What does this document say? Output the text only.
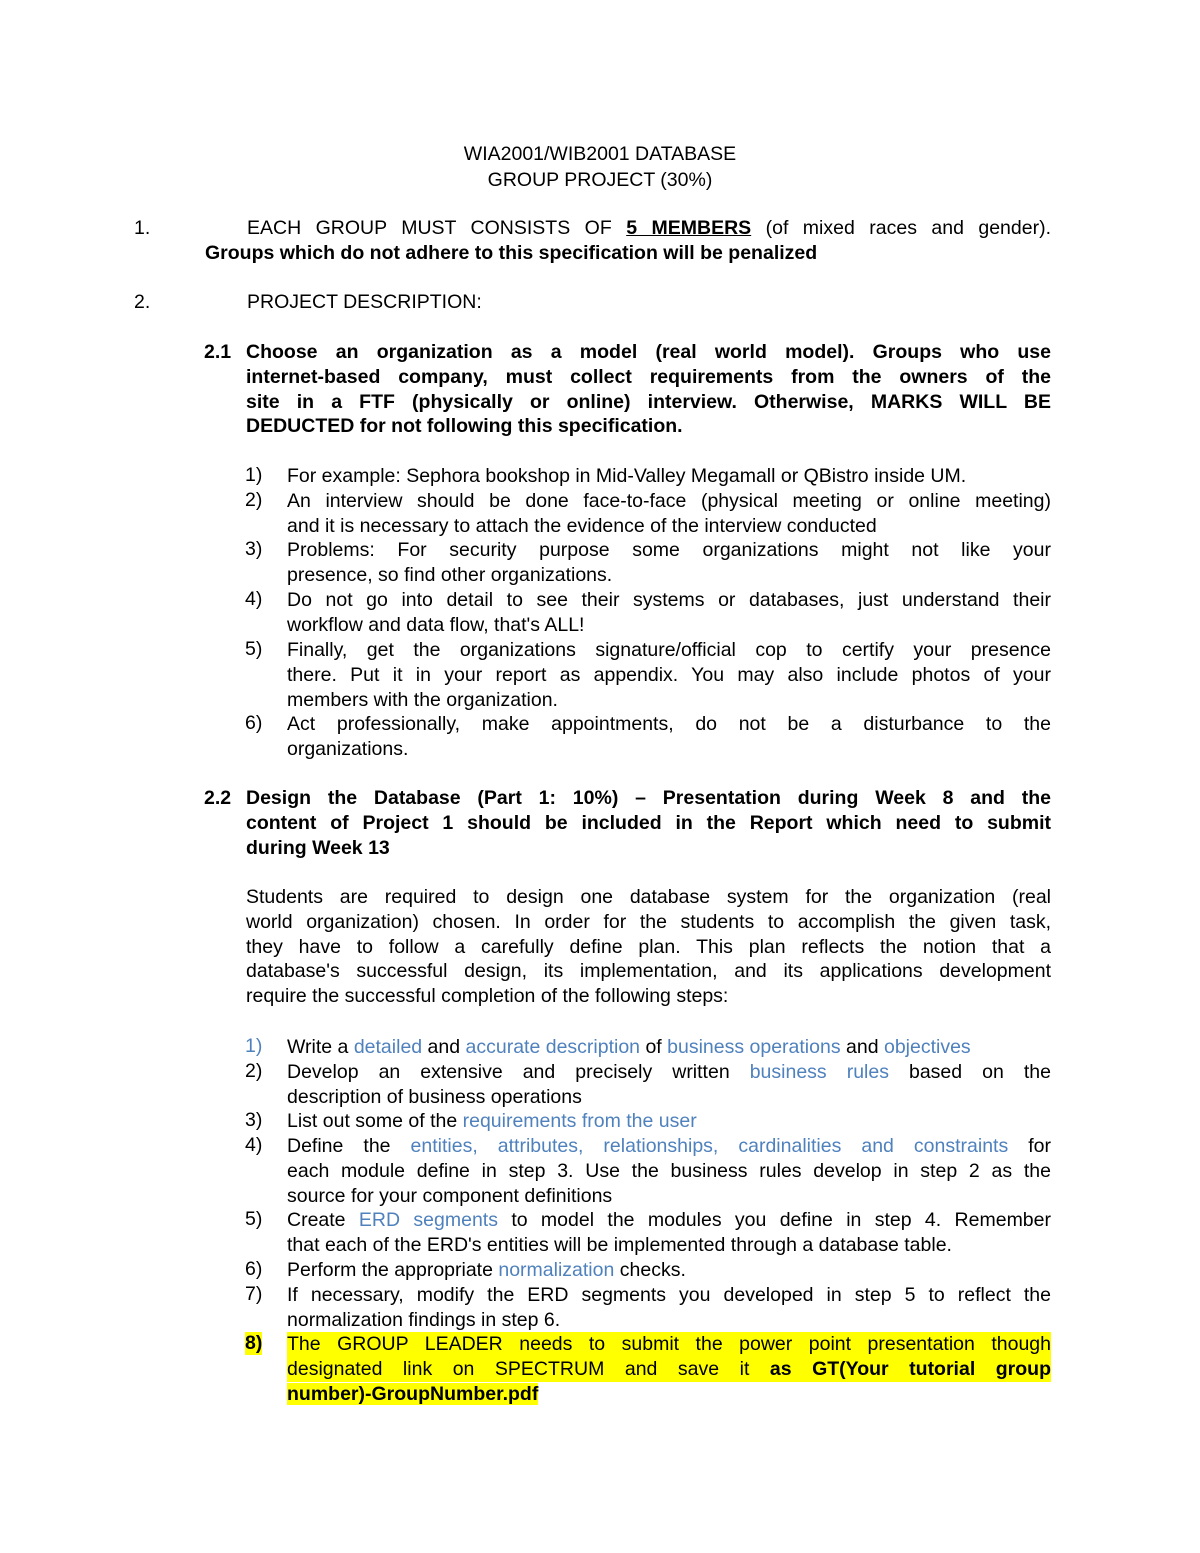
WIA2001/WIB2001 DATABASE
GROUP PROJECT (30%)
1.	EACH GROUP MUST CONSISTS OF 5 MEMBERS (of mixed races and gender).
Groups which do not adhere to this specification will be penalized
2.	PROJECT DESCRIPTION:
2.1 Choose an organization as a model (real world model). Groups who use
internet-based company, must collect requirements from the owners of the
site in a FTF (physically or online) interview. Otherwise, MARKS WILL BE
DEDUCTED for not following this specification.
1) For example: Sephora bookshop in Mid-Valley Megamall or QBistro inside UM.
2) An interview should be done face-to-face (physical meeting or online meeting)
and it is necessary to attach the evidence of the interview conducted
3) Problems: For security purpose some organizations might not like your
presence, so find other organizations.
4) Do not go into detail to see their systems or databases, just understand their
workflow and data flow, that's ALL!
5) Finally, get the organizations signature/official cop to certify your presence
there. Put it in your report as appendix. You may also include photos of your
members with the organization.
6) Act professionally, make appointments, do not be a disturbance to the
organizations.
2.2 Design the Database (Part 1: 10%) – Presentation during Week 8 and the
content of Project 1 should be included in the Report which need to submit
during Week 13
Students are required to design one database system for the organization (real
world organization) chosen. In order for the students to accomplish the given task,
they have to follow a carefully define plan. This plan reflects the notion that a
database's successful design, its implementation, and its applications development
require the successful completion of the following steps:
1) Write a detailed and accurate description of business operations and objectives
2) Develop an extensive and precisely written business rules based on the
description of business operations
3) List out some of the requirements from the user
4) Define the entities, attributes, relationships, cardinalities and constraints for
each module define in step 3. Use the business rules develop in step 2 as the
source for your component definitions
5) Create ERD segments to model the modules you define in step 4. Remember
that each of the ERD's entities will be implemented through a database table.
6) Perform the appropriate normalization checks.
7) If necessary, modify the ERD segments you developed in step 5 to reflect the
normalization findings in step 6.
8) The GROUP LEADER needs to submit the power point presentation though
designated link on SPECTRUM and save it as GT(Your tutorial group
number)-GroupNumber.pdf
